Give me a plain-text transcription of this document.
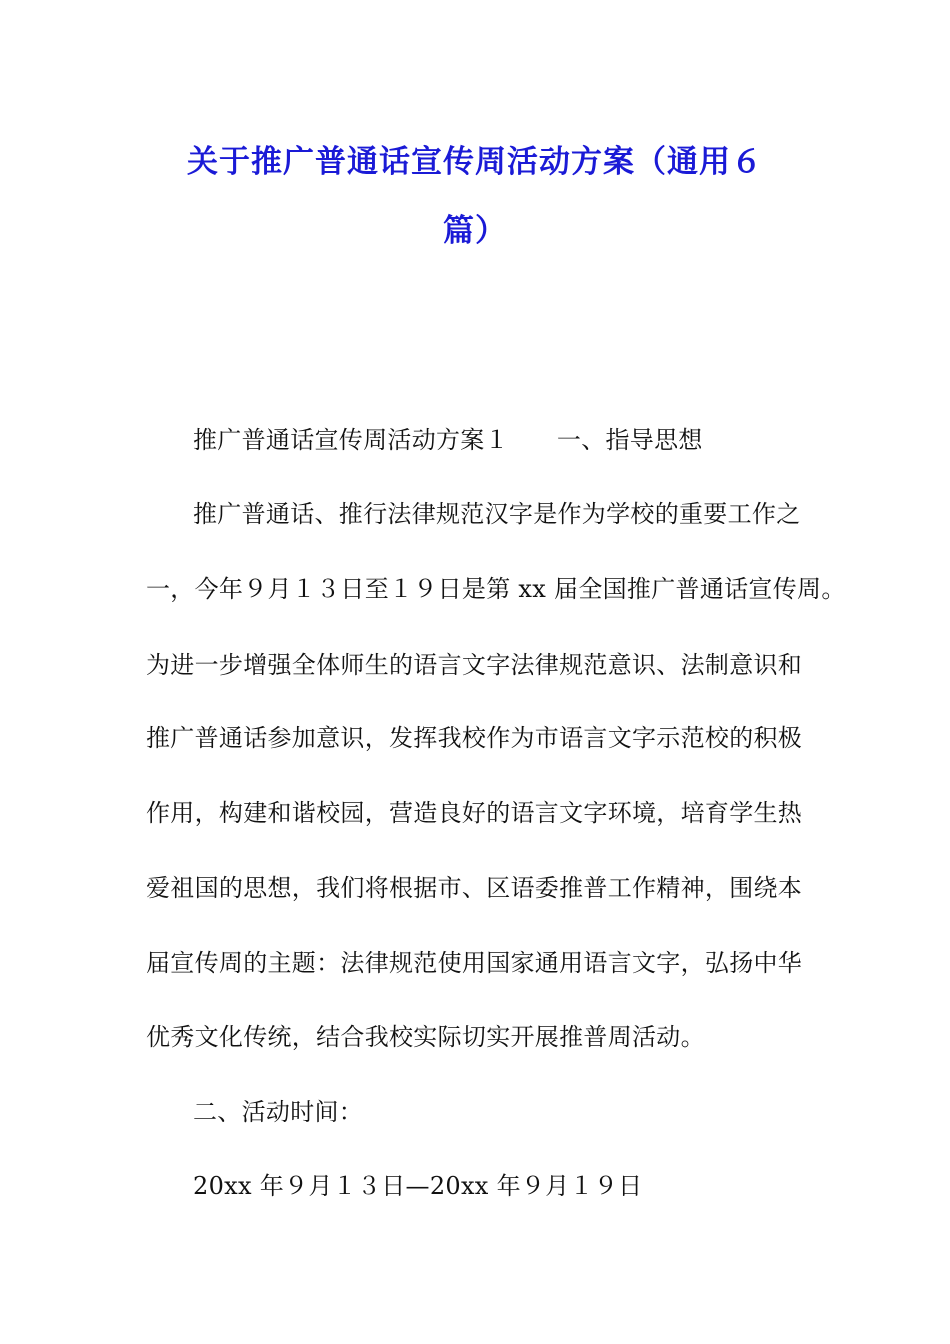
关于推广普通话宣传周活动方案（通用６
篇）
推广普通话宣传周活动方案１ 一、指导思想
推广普通话、推行法律规范汉字是作为学校的重要工作之
一，今年９月１３日至１９日是第 xx 届全国推广普通话宣传周。
为进一步增强全体师生的语言文字法律规范意识、法制意识和
推广普通话参加意识，发挥我校作为市语言文字示范校的积极
作用，构建和谐校园，营造良好的语言文字环境，培育学生热
爱祖国的思想，我们将根据市、区语委推普工作精神，围绕本
届宣传周的主题：法律规范使用国家通用语言文字，弘扬中华
优秀文化传统，结合我校实际切实开展推普周活动。
二、活动时间：
20xx 年９月１３日—20xx 年９月１９日
